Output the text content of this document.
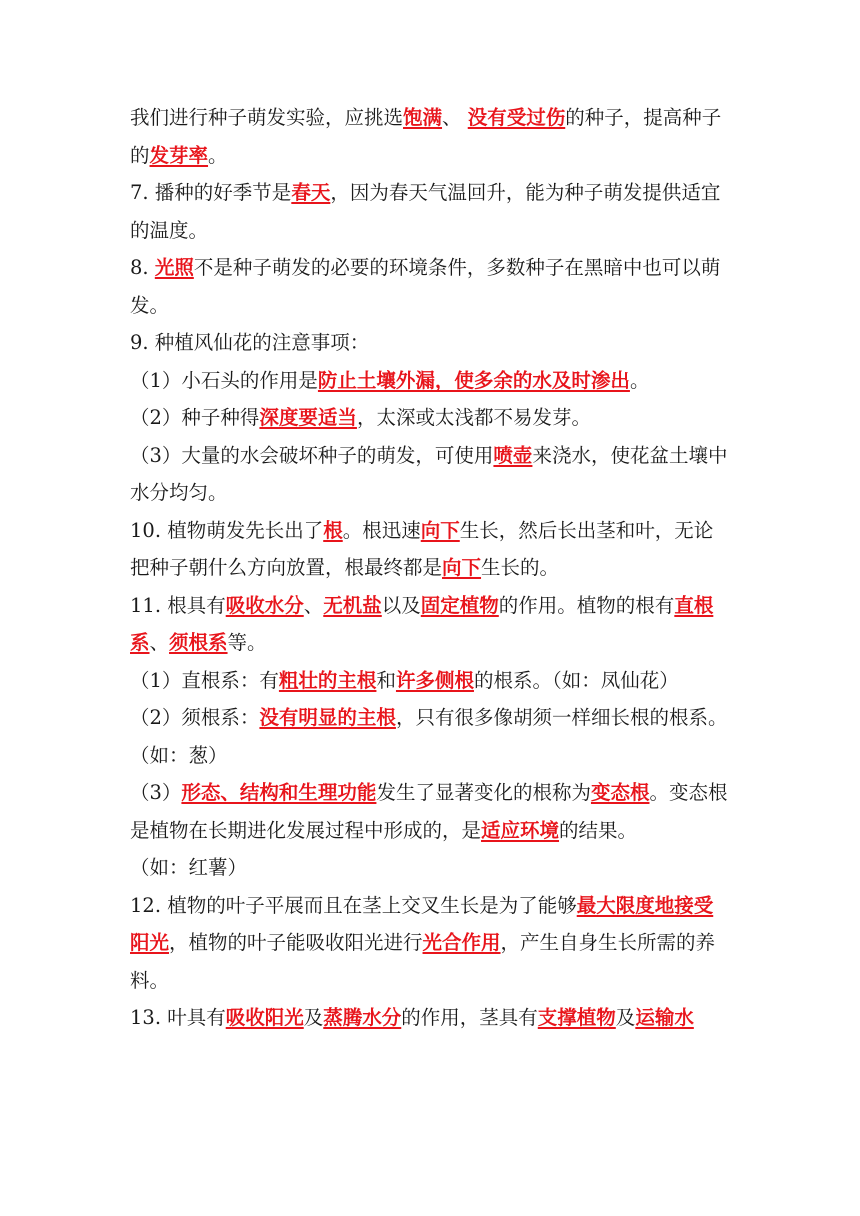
我们进行种子萌发实验，应挑选饱满、 没有受过伤的种子，提高种子的发芽率。

7. 播种的好季节是春天，因为春天气温回升，能为种子萌发提供适宜的温度。

8. 光照不是种子萌发的必要的环境条件，多数种子在黑暗中也可以萌发。

9. 种植风仙花的注意事项：

（1）小石头的作用是防止土壤外漏，使多余的水及时渗出。

（2）种子种得深度要适当，太深或太浅都不易发芽。

（3）大量的水会破坏种子的萌发，可使用喷壶来浇水，使花盆土壤中水分均匀。

10. 植物萌发先长出了根。根迅速向下生长，然后长出茎和叶，无论把种子朝什么方向放置，根最终都是向下生长的。

11. 根具有吸收水分、无机盐以及固定植物的作用。植物的根有直根系、须根系等。

（1）直根系：有粗壮的主根和许多侧根的根系。（如：凤仙花）

（2）须根系：没有明显的主根，只有很多像胡须一样细长根的根系。（如：葱）

（3）形态、结构和生理功能发生了显著变化的根称为变态根。变态根是植物在长期进化发展过程中形成的，是适应环境的结果。

（如：红薯）

12. 植物的叶子平展而且在茎上交叉生长是为了能够最大限度地接受阳光，植物的叶子能吸收阳光进行光合作用，产生自身生长所需的养料。

13. 叶具有吸收阳光及蒸腾水分的作用，茎具有支撑植物及运输水
